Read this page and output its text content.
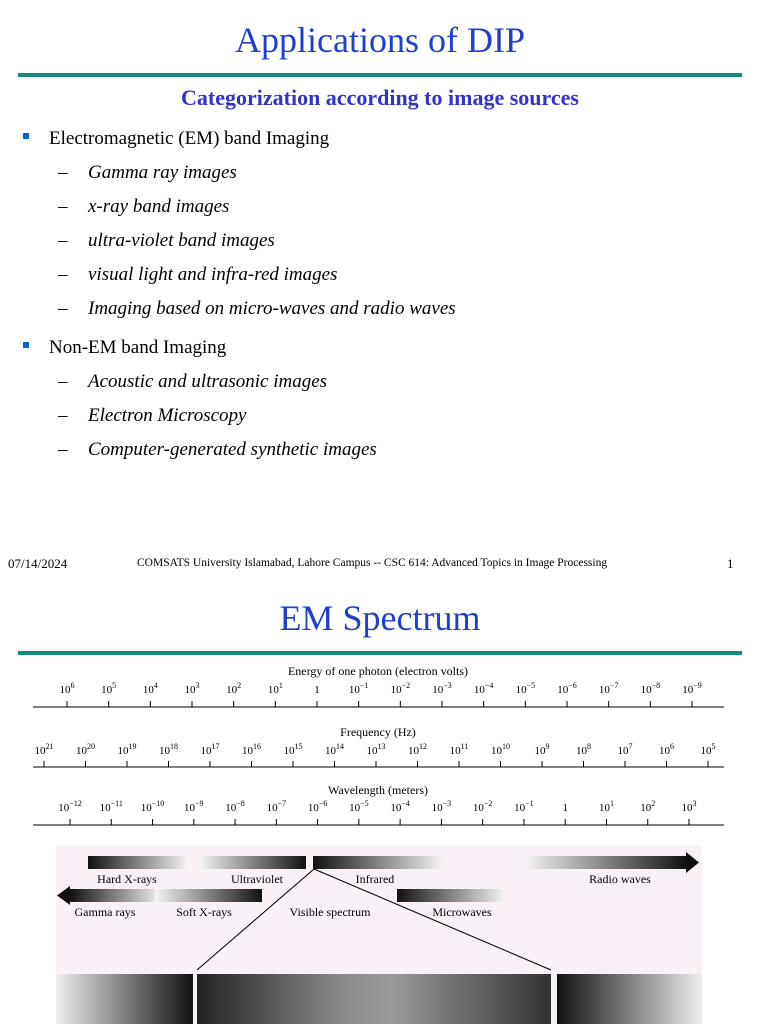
Applications of DIP
Categorization according to image sources
Electromagnetic (EM) band Imaging
– Gamma ray images
– x-ray band images
– ultra-violet band images
– visual light and infra-red images
– Imaging based on micro-waves and radio waves
Non-EM band Imaging
– Acoustic and ultrasonic images
– Electron Microscopy
– Computer-generated synthetic images
07/14/2024	COMSATS University Islamabad, Lahore Campus -- CSC 614: Advanced Topics in Image Processing	1
EM Spectrum
Energy of one photon (electron volts)
Frequency (Hz)
Wavelength (meters)
$10^6$ $10^5$ $10^4$ $10^3$ $10^2$ $10^1$	1	$10^{-1}$ $10^{-2}$ $10^{-3}$ $10^{-4}$ $10^{-5}$ $10^{-6}$ $10^{-7}$ $10^{-8}$ $10^{-9}$
$10^{21}$ $10^{20}$ $10^{19}$ $10^{18}$ $10^{17}$ $10^{16}$ $10^{15}$ $10^{14}$ $10^{13}$ $10^{12}$ $10^{11}$ $10^{10}$ $10^9$ $10^8$ $10^7$ $10^6$ $10^5$
$10^{-12}$ $10^{-11}$ $10^{-10}$ $10^{-9}$ $10^{-8}$ $10^{-7}$ $10^{-6}$ $10^{-5}$ $10^{-4}$ $10^{-3}$ $10^{-2}$ $10^{-1}$	1	$10^1$ $10^2$ $10^3$
Hard X-rays	Ultraviolet	Infrared	Radio waves
Gamma rays	Soft X-rays	Visible spectrum	Microwaves
